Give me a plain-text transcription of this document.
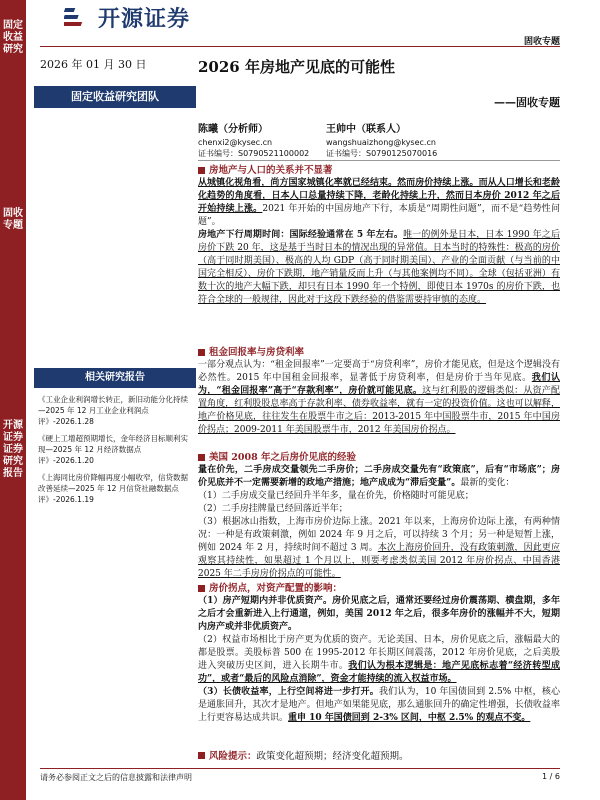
固定收益研究
固收专题
开源证券 证券研究报告
开源证券
固收专题
2026 年 01 月 30 日
固定收益研究团队
2026 年房地产见底的可能性
——固收专题
陈曦（分析师）
chenxi2@kysec.cn
证书编号：S0790521100002
王帅中（联系人）
wangshuaizhong@kysec.cn
证书编号：S0790125070016
房地产与人口的关系并不显著
从城镇化视角看，尚方国家城镇化率就已经结束。然而房价持续上涨。而从人口增长和老龄化趋势的角度看，日本人口总量持续下降，老龄化持续上升，然而日本房价 2012 年之后开始持续上涨。2021 年开始的中国房地产下行，本质是“周期性问题”，而不是“趋势性问题”。
房地产下行周期时间：国际经验通常在 5 年左右。唯一的例外是日本，日本 1990 年之后房价下跌 20 年，这是基于当时日本的情况出现的异常值。日本当时的特殊性：极高的房价（高于同时期美国）、极高的人均 GDP（高于同时期美国）、产业的全面贡献（与当前的中国完全相反）、房价下跌期，地产销量反而上升（与其他案例均不同）。全球（包括亚洲）有数十次的地产大幅下跌，却只有日本 1990 年一个特例，即使日本 1970s 的房价下跌，也符合全球的一般规律，因此对于这段下跌经验的借鉴需要持审慎的态度。
租金回报率与房贷利率
一部分观点认为：“租金回报率”一定要高于“房贷利率”，房价才能见底，但是这个逻辑没有必然性。2015 年中国租金回报率，显著低于房贷利率，但是房价于当年见底。我们认为，“租金回报率”高于“存款利率”，房价就可能见底。这与红利股的逻辑类似：从资产配置角度，红利股股息率高于存款利率、债券收益率，就有一定的投资价值。这也可以解释，地产价格见底，往往发生在股票牛市之后：2013-2015 年中国股票牛市，2015 年中国房价拐点；2009-2011 年美国股票牛市，2012 年美国房价拐点。
美国 2008 年之后房价见底的经验
量在价先，二手房成交量领先二手房价；二手房成交量先有“政策底”，后有“市场底”；房价见底并不一定需要新增的政地产措施；地产成成为“滞后变量”。最新的变化：
（1）二手房成交量已经回升半年多，量在价先，价格随时可能见底；
（2）二手房挂牌量已经回落近半年；
（3）根据冰山指数，上海市房价边际上涨。2021 年以来，上海房价边际上涨，有两种情况：一种是有政策刺激，例如 2024 年 9 月之后，可以持续 3 个月；另一种是短暂上涨，例如 2024 年 2 月，持续时间不超过 3 周。本次上海房价回升，没有政策刺激，因此更应观察其持续性，如果超过 1 个月以上，则要考虑类似美国 2012 年房价拐点、中国香港 2025 年二手房房价拐点的可能性。
房价拐点，对资产配置的影响：
（1）房产短期内并非优质资产。房价见底之后，通常还要经过房价震荡期、横盘期，多年之后才会重新进入上行通道，例如，美国 2012 年之后，很多年房价的涨幅并不大，短期内房产或并非优质资产。
（2）权益市场相比于房产更为优质的资产。无论美国、日本，房价见底之后，涨幅最大的都是股票。美股标普 500 在 1995-2012 年长期区间震荡，2012 年房价见底，之后美股进入突破历史区间，进入长期牛市。我们认为根本逻辑是：地产见底标志着“经济转型成功”，或者“最后的风险点消除”，资金才能持续的流入权益市场。
（3）长债收益率，上行空间将进一步打开。我们认为，10 年国债回到 2.5% 中枢，核心是通胀回升，其次才是地产。但地产如果能见底，那么通胀回升的确定性增强，长债收益率上行更容易达成共识。重申 10 年国债回到 2-3% 区间，中枢 2.5% 的观点不变。
风险提示：政策变化超预期；经济变化超预期。
相关研究报告
《工业企业利润增长转正，新旧动能分化持续—2025 年 12 月工业企业利润点评》-2026.1.28
《硬上工增超预期增长，金年经济目标顺利实现—2025 年 12 月经济数据点评》-2026.1.20
《上海同比房价降幅再度小幅收窄，信贷数据改善延续—2025 年 12 月信贷社融数据点评》-2026.1.19
请务必参阅正文之后的信息披露和法律声明	1 / 6
